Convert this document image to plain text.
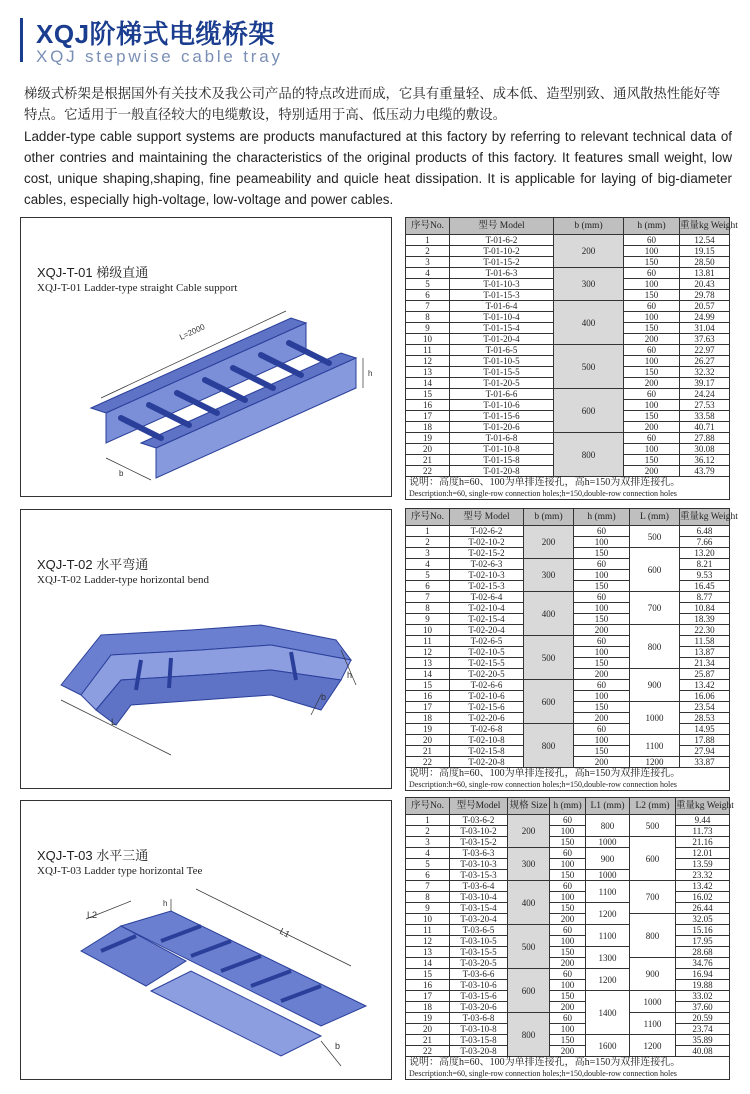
XQJ阶梯式电缆桥架
XQJ stepwise cable tray
梯级式桥架是根据国外有关技术及我公司产品的特点改进而成，它具有重量轻、成本低、造型别致、通风散热性能好等特点。它适用于一般直径较大的电缆敷设，特别适用于高、低压动力电缆的敷设。
Ladder-type cable support systems are products manufactured at this factory by referring to relevant technical data of other contries and maintaining the characteristics of the original products of this factory. It features small weight, low cost, unique shaping,shaping, fine peameability and quicle heat dissipation. It is applicable for laying of big-diameter cables, especially high-voltage, low-voltage and power cables.
XQJ-T-01 梯级直通
XQJ-T-01 Ladder-type straight Cable support
L=2000
h
b
XQJ-T-02 水平弯通
XQJ-T-02 Ladder-type horizontal bend
h
b
L
XQJ-T-03 水平三通
XQJ-T-03 Ladder type horizontal Tee
L2
h
L1
b
序号No.	型号 Model	b (mm)	h (mm)	重量kg Weight
1	T-01-6-2	200	60	12.54
2	T-01-10-2		100	19.15
3	T-01-15-2		150	28.50
4	T-01-6-3	300	60	13.81
5	T-01-10-3		100	20.43
6	T-01-15-3		150	29.78
7	T-01-6-4	400	60	20.57
8	T-01-10-4		100	24.99
9	T-01-15-4		150	31.04
10	T-01-20-4		200	37.63
11	T-01-6-5	500	60	22.97
12	T-01-10-5		100	26.27
13	T-01-15-5		150	32.32
14	T-01-20-5		200	39.17
15	T-01-6-6	600	60	24.24
16	T-01-10-6		100	27.53
17	T-01-15-6		150	33.58
18	T-01-20-6		200	40.71
19	T-01-6-8	800	60	27.88
20	T-01-10-8		100	30.08
21	T-01-15-8		150	36.12
22	T-01-20-8		200	43.79

说明：高度h=60、100为单排连接孔，高h=150为双排连接孔。
Description:h=60, single-row connection holes;h=150,double-row connection holes				
序号No.	型号 Model	b (mm)	h (mm)	L (mm)	重量kg Weight
1	T-02-6-2	200	60	500	6.48
2	T-02-10-2		100		7.66
3	T-02-15-2		150	600	13.20
4	T-02-6-3	300	60		8.21
5	T-02-10-3		100		9.53
6	T-02-15-3		150		16.45
7	T-02-6-4	400	60	700	8.77
8	T-02-10-4		100		10.84
9	T-02-15-4		150		18.39
10	T-02-20-4		200	800	22.30
11	T-02-6-5	500	60		11.58
12	T-02-10-5		100		13.87
13	T-02-15-5		150		21.34
14	T-02-20-5		200	900	25.87
15	T-02-6-6	600	60		13.42
16	T-02-10-6		100		16.06
17	T-02-15-6		150	1000	23.54
18	T-02-20-6		200		28.53
19	T-02-6-8	800	60		14.95
20	T-02-10-8		100	1100	17.88
21	T-02-15-8		150		27.94
22	T-02-20-8		200	1200	33.87

说明：高度h=60、100为单排连接孔，高h=150为双排连接孔。
Description:h=60, single-row connection holes;h=150,double-row connection holes					
序号No.	型号Model	规格 Size	h (mm)	L1 (mm)	L2 (mm)	重量kg Weight
1	T-03-6-2	200	60	800	500	9.44
2	T-03-10-2		100			11.73
3	T-03-15-2		150	1000	600	21.16
4	T-03-6-3	300	60	900		12.01
5	T-03-10-3		100			13.59
6	T-03-15-3		150	1000		23.32
7	T-03-6-4	400	60	1100	700	13.42
8	T-03-10-4		100			16.02
9	T-03-15-4		150	1200		26.44
10	T-03-20-4		200		800	32.05
11	T-03-6-5	500	60	1100		15.16
12	T-03-10-5		100			17.95
13	T-03-15-5		150	1300		28.68
14	T-03-20-5		200		900	34.76
15	T-03-6-6	600	60	1200		16.94
16	T-03-10-6		100			19.88
17	T-03-15-6		150	1400	1000	33.02
18	T-03-20-6		200			37.60
19	T-03-6-8	800	60		1100	20.59
20	T-03-10-8		100			23.74
21	T-03-15-8		150	1600	1200	35.89
22	T-03-20-8		200			40.08

说明：高度h=60、100为单排连接孔，高h=150为双排连接孔。
Description:h=60, single-row connection holes;h=150,double-row connection holes						
